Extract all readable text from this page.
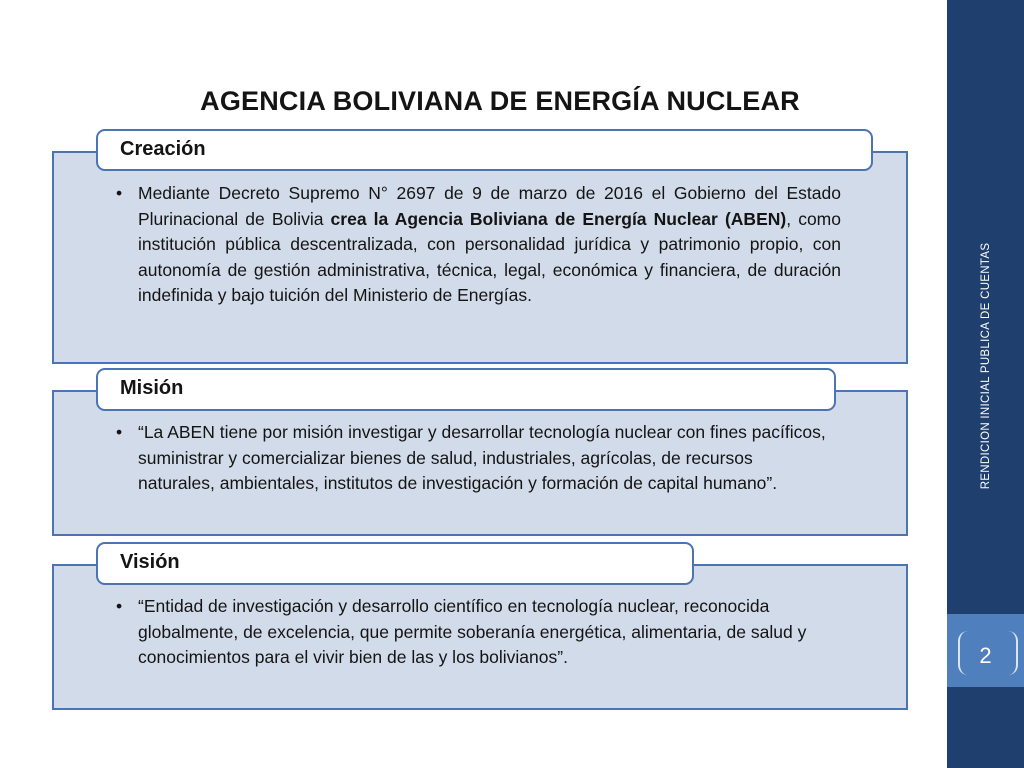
AGENCIA BOLIVIANA DE ENERGÍA NUCLEAR
Creación
• Mediante Decreto Supremo N° 2697 de 9 de marzo de 2016 el Gobierno del Estado Plurinacional de Bolivia crea la Agencia Boliviana de Energía Nuclear (ABEN), como institución pública descentralizada, con personalidad jurídica y patrimonio propio, con autonomía de gestión administrativa, técnica, legal, económica y financiera, de duración indefinida y bajo tuición del Ministerio de Energías.
Misión
• “La ABEN tiene por misión investigar y desarrollar tecnología nuclear con fines pacíficos, suministrar y comercializar bienes de salud, industriales, agrícolas, de recursos naturales, ambientales, institutos de investigación y formación de capital humano”.
Visión
• “Entidad de investigación y desarrollo científico en tecnología nuclear, reconocida globalmente, de excelencia, que permite soberanía energética, alimentaria, de salud y conocimientos para el vivir bien de las y los bolivianos”.
RENDICION INICIAL PUBLICA DE CUENTAS
2
